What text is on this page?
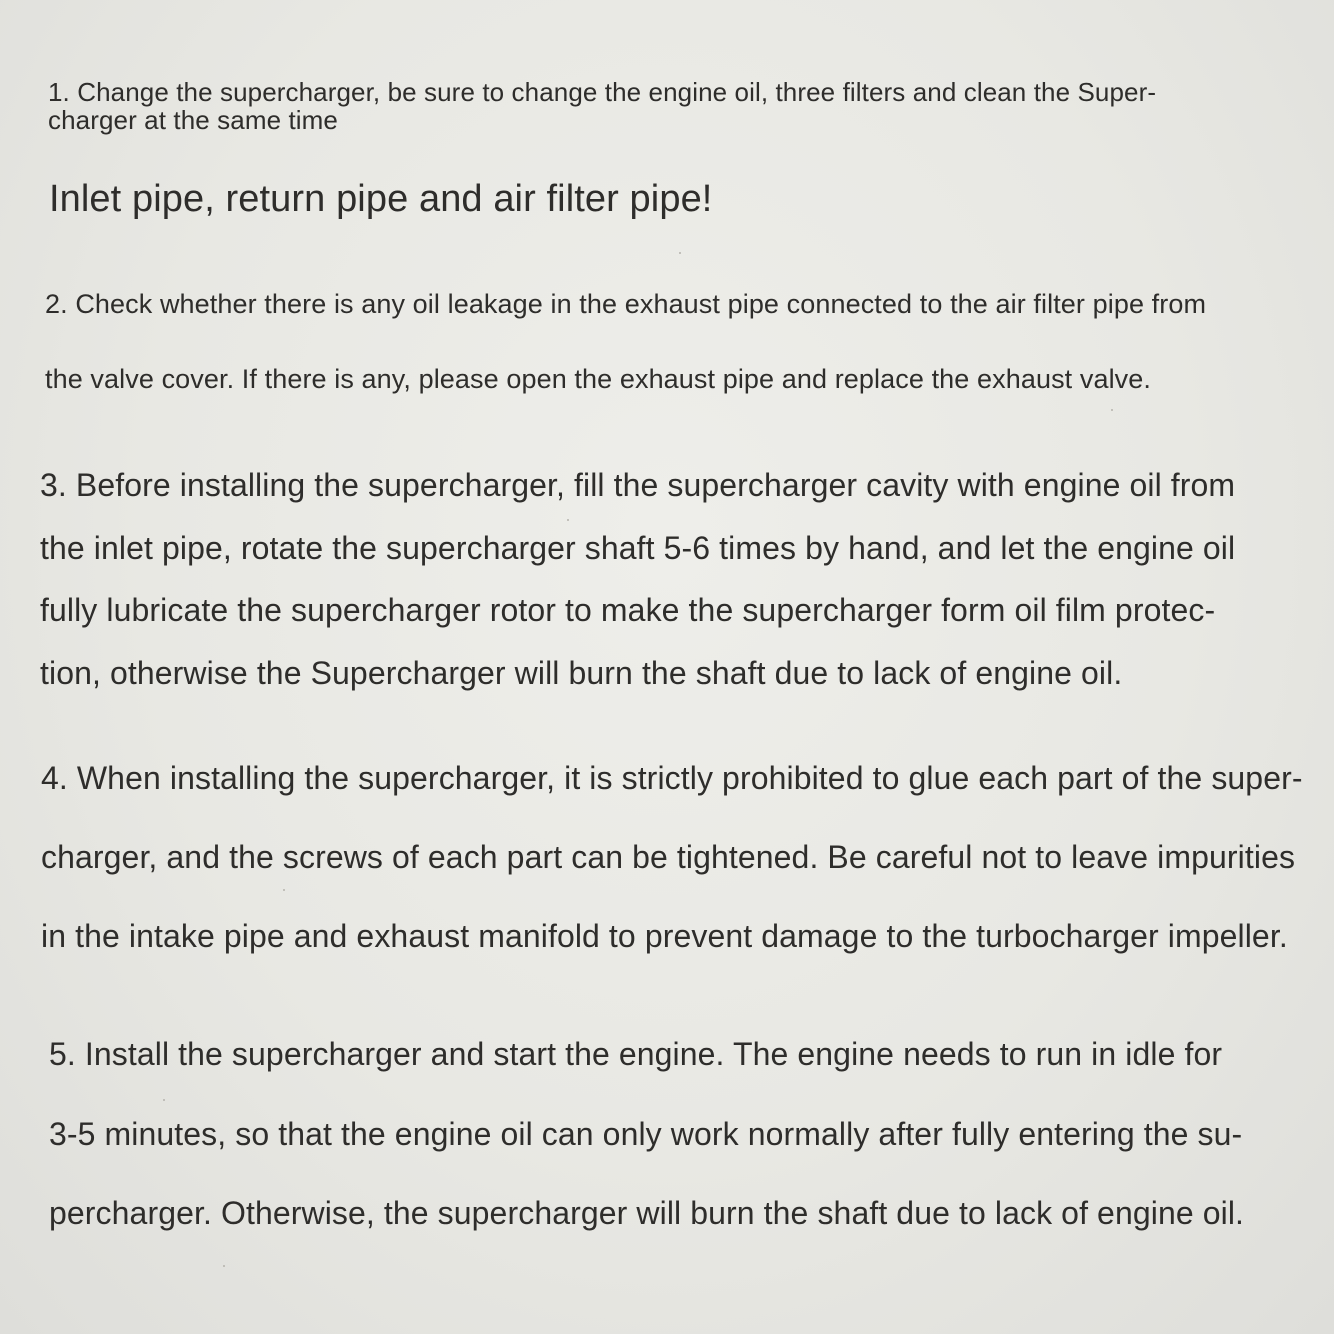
1. Change the supercharger, be sure to change the engine oil, three filters and clean the Super-

charger at the same time

Inlet pipe, return pipe and air filter pipe!

2. Check whether there is any oil leakage in the exhaust pipe connected to the air filter pipe from

the valve cover. If there is any, please open the exhaust pipe and replace the exhaust valve.

3. Before installing the supercharger, fill the supercharger cavity with engine oil from

the inlet pipe, rotate the supercharger shaft 5-6 times by hand, and let the engine oil

fully lubricate the supercharger rotor to make the supercharger form oil film protec-

tion, otherwise the Supercharger will burn the shaft due to lack of engine oil.

4. When installing the supercharger, it is strictly prohibited to glue each part of the super-

charger, and the screws of each part can be tightened. Be careful not to leave impurities

in the intake pipe and exhaust manifold to prevent damage to the turbocharger impeller.

5. Install the supercharger and start the engine. The engine needs to run in idle for

3-5 minutes, so that the engine oil can only work normally after fully entering the su-

percharger. Otherwise, the supercharger will burn the shaft due to lack of engine oil.
